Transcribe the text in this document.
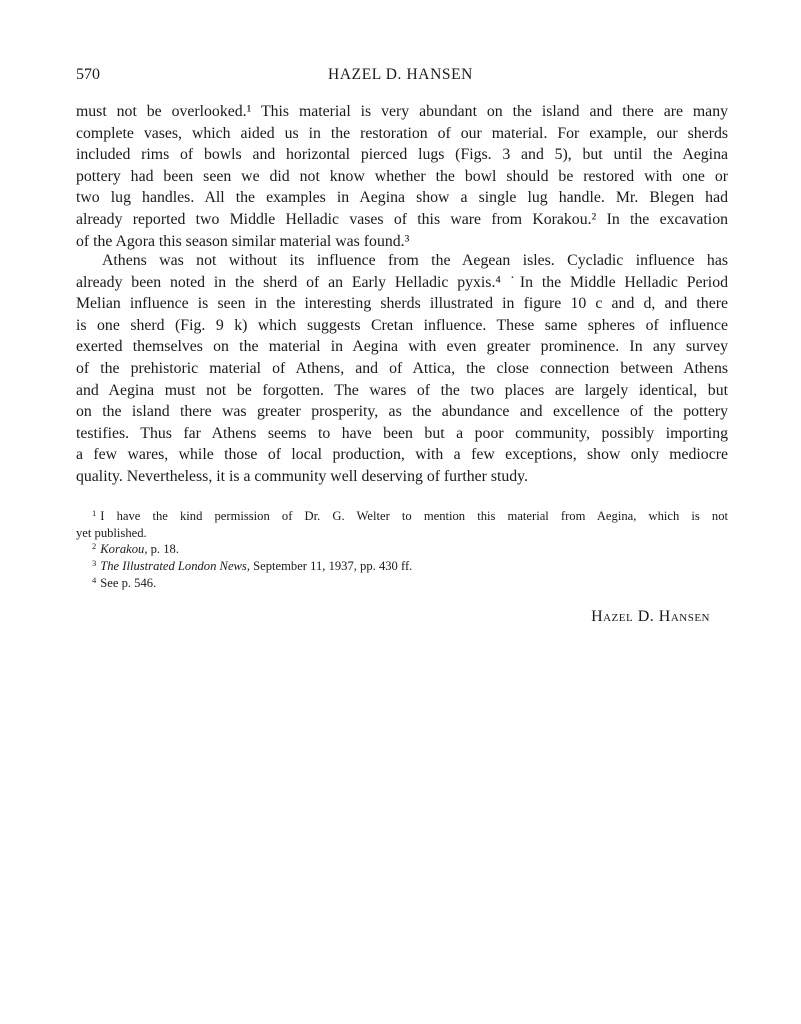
570	HAZEL D. HANSEN
must not be overlooked.¹ This material is very abundant on the island and there are many
complete vases, which aided us in the restoration of our material. For example, our sherds
included rims of bowls and horizontal pierced lugs (Figs. 3 and 5), but until the Aegina
pottery had been seen we did not know whether the bowl should be restored with one or
two lug handles. All the examples in Aegina show a single lug handle. Mr. Blegen had
already reported two Middle Helladic vases of this ware from Korakou.² In the excavation
of the Agora this season similar material was found.³
Athens was not without its influence from the Aegean isles. Cycladic influence has
already been noted in the sherd of an Early Helladic pyxis.⁴ ˙In the Middle Helladic Period
Melian influence is seen in the interesting sherds illustrated in figure 10 c and d, and there
is one sherd (Fig. 9 k) which suggests Cretan influence. These same spheres of influence
exerted themselves on the material in Aegina with even greater prominence. In any survey
of the prehistoric material of Athens, and of Attica, the close connection between Athens
and Aegina must not be forgotten. The wares of the two places are largely identical, but
on the island there was greater prosperity, as the abundance and excellence of the pottery
testifies. Thus far Athens seems to have been but a poor community, possibly importing
a few wares, while those of local production, with a few exceptions, show only mediocre
quality. Nevertheless, it is a community well deserving of further study.
$^1$ I have the kind permission of Dr. G. Welter to mention this material from Aegina, which is not
yet published.
$^2$ Korakou, p. 18.
$^3$ The Illustrated London News, September 11, 1937, pp. 430 ff.
$^4$ See p. 546.
Hazel D. Hansen
